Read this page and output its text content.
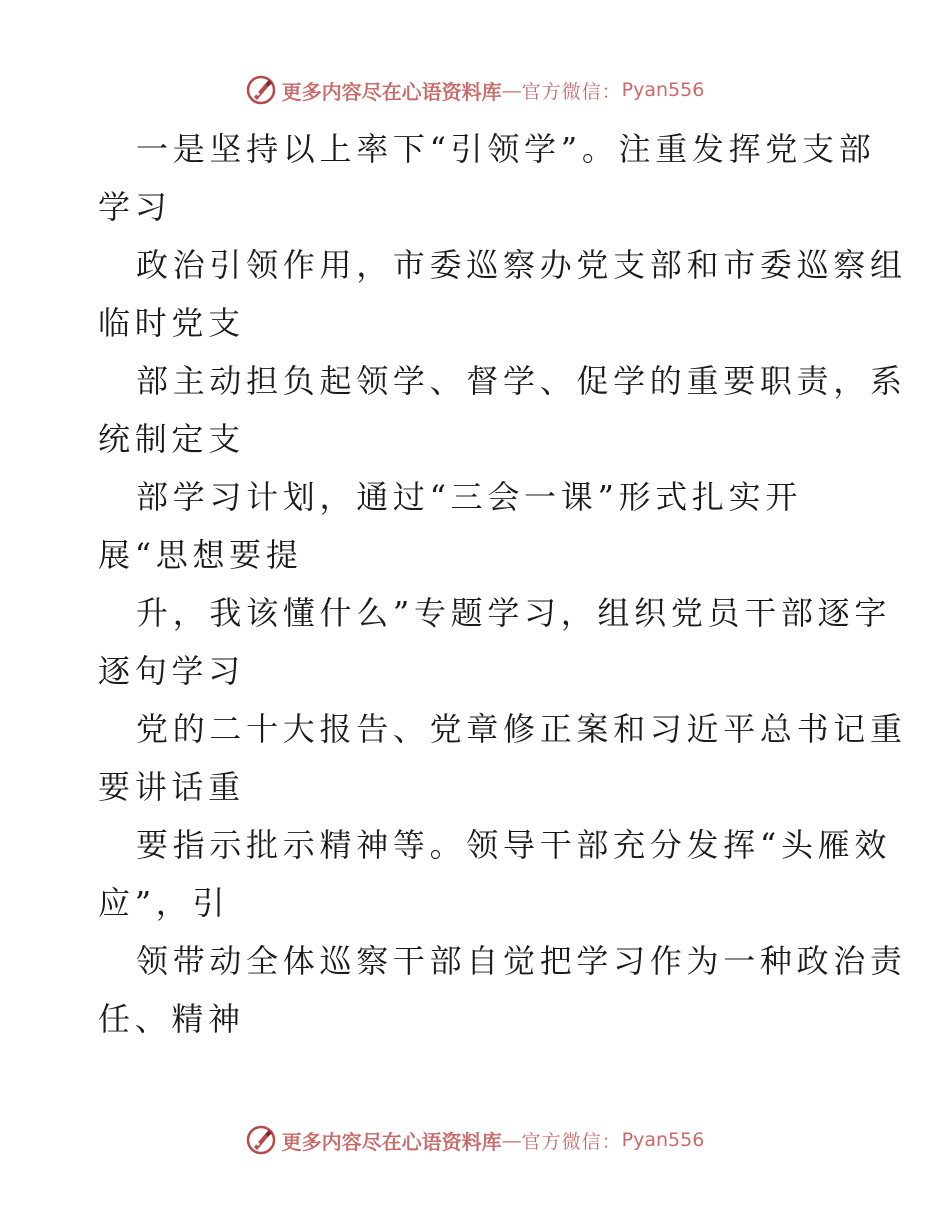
更多内容尽在心语资料库 — 官方微信： Pyan556
一是坚持以上率下“引领学”。注重发挥党支部
学习
政治引领作用，市委巡察办党支部和市委巡察组
临时党支
部主动担负起领学、督学、促学的重要职责，系
统制定支
部学习计划，通过“三会一课”形式扎实开
展“思想要提
升，我该懂什么”专题学习，组织党员干部逐字
逐句学习
党的二十大报告、党章修正案和习近平总书记重
要讲话重
要指示批示精神等。领导干部充分发挥“头雁效
应”，引
领带动全体巡察干部自觉把学习作为一种政治责
任、精神
更多内容尽在心语资料库 — 官方微信： Pyan556
